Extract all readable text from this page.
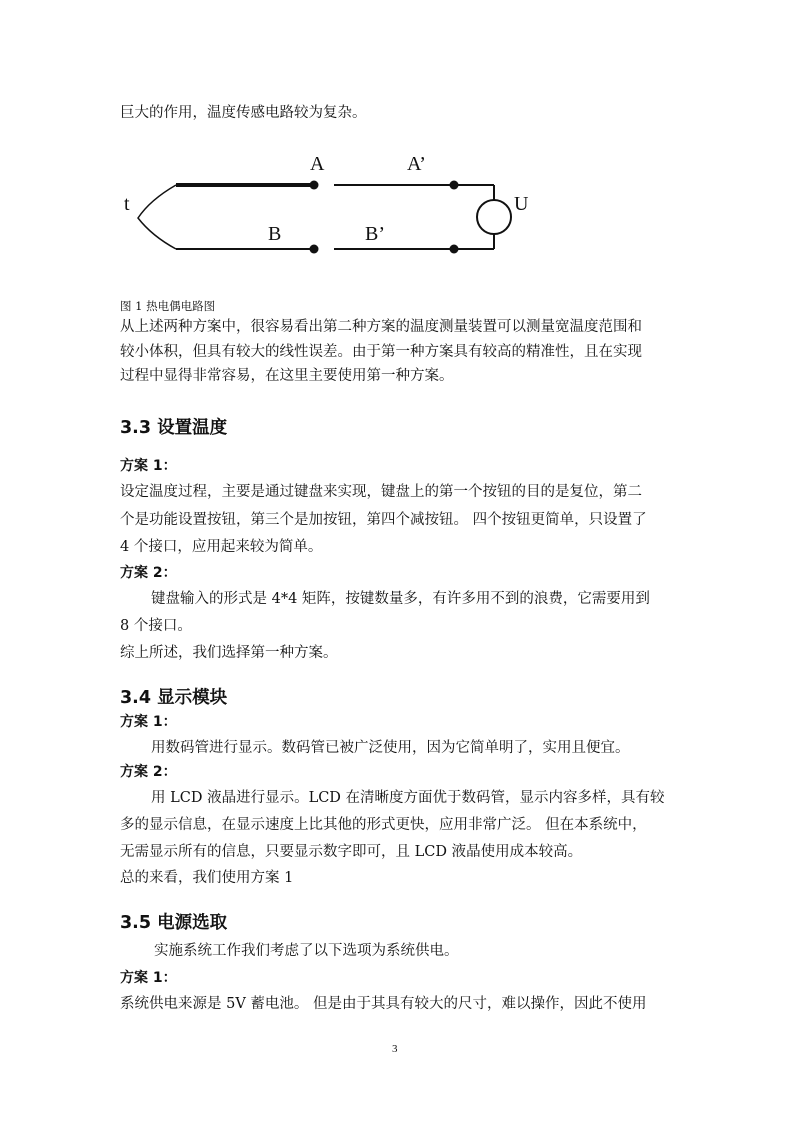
巨大的作用，温度传感电路较为复杂。
A	A’
B	B’
t	U
图 1 热电偶电路图
从上述两种方案中，很容易看出第二种方案的温度测量装置可以测量宽温度范围和
较小体积，但具有较大的线性误差。由于第一种方案具有较高的精准性，且在实现
过程中显得非常容易，在这里主要使用第一种方案。
3.3 设置温度
方案 1：
设定温度过程，主要是通过键盘来实现，键盘上的第一个按钮的目的是复位，第二
个是功能设置按钮，第三个是加按钮，第四个减按钮。 四个按钮更简单，只设置了
4 个接口，应用起来较为简单。
方案 2：
键盘输入的形式是 4*4 矩阵，按键数量多，有许多用不到的浪费，它需要用到
8 个接口。
综上所述，我们选择第一种方案。
3.4 显示模块
方案 1：
用数码管进行显示。数码管已被广泛使用，因为它简单明了，实用且便宜。
方案 2：
用 LCD 液晶进行显示。LCD 在清晰度方面优于数码管，显示内容多样，具有较
多的显示信息，在显示速度上比其他的形式更快，应用非常广泛。 但在本系统中，
无需显示所有的信息，只要显示数字即可，且 LCD 液晶使用成本较高。
总的来看，我们使用方案 1
3.5 电源选取
实施系统工作我们考虑了以下选项为系统供电。
方案 1：
系统供电来源是 5V 蓄电池。 但是由于其具有较大的尺寸，难以操作，因此不使用
3
